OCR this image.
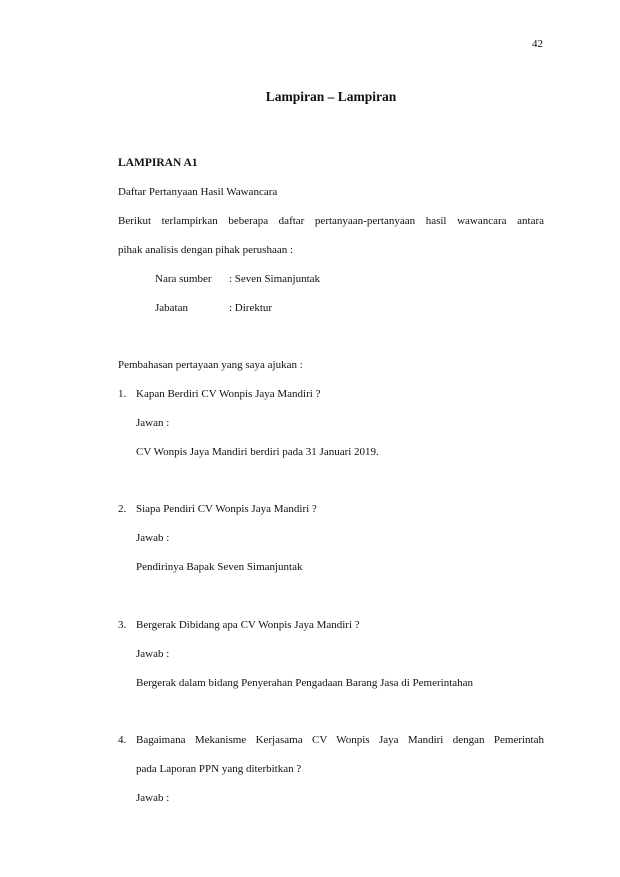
42
Lampiran – Lampiran
LAMPIRAN A1
Daftar Pertanyaan Hasil Wawancara
Berikut terlampirkan beberapa daftar pertanyaan-pertanyaan hasil wawancara antara
pihak analisis dengan pihak perushaan :
Nara sumber : Seven Simanjuntak
Jabatan	: Direktur
Pembahasan pertayaan yang saya ajukan :
1. Kapan Berdiri CV Wonpis Jaya Mandiri ?
Jawan :
CV Wonpis Jaya Mandiri berdiri pada 31 Januari 2019.
2. Siapa Pendiri CV Wonpis Jaya Mandiri ?
Jawab :
Pendirinya Bapak Seven Simanjuntak
3. Bergerak Dibidang apa CV Wonpis Jaya Mandiri ?
Jawab :
Bergerak dalam bidang Penyerahan Pengadaan Barang Jasa di Pemerintahan
4. Bagaimana Mekanisme Kerjasama CV Wonpis Jaya Mandiri dengan Pemerintah
pada Laporan PPN yang diterbitkan ?
Jawab :
